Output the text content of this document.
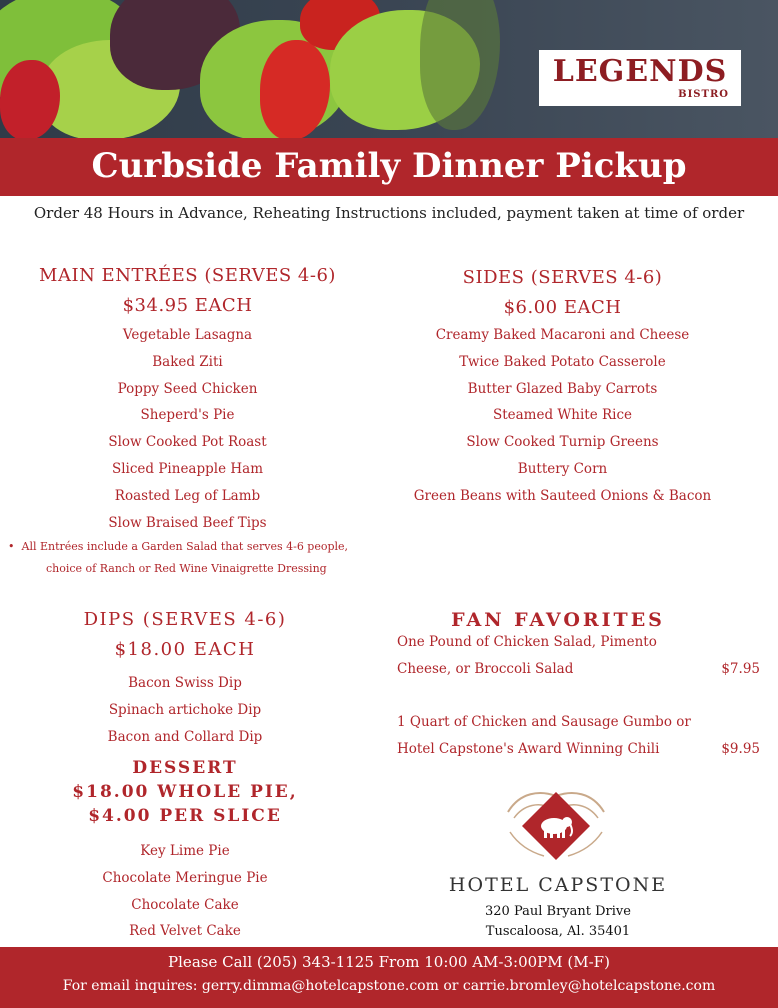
LEGENDS
BISTRO
Curbside Family Dinner Pickup
Order 48 Hours in Advance, Reheating Instructions included, payment taken at time of order
MAIN ENTRÉES (SERVES 4-6)
$34.95 EACH
Vegetable Lasagna
Baked Ziti
Poppy Seed Chicken
Sheperd's Pie
Slow Cooked Pot Roast
Sliced Pineapple Ham
Roasted Leg of Lamb
Slow Braised Beef Tips
• All Entrées include a Garden Salad that serves 4-6 people,
choice of Ranch or Red Wine Vinaigrette Dressing
SIDES (SERVES 4-6)
$6.00 EACH
Creamy Baked Macaroni and Cheese
Twice Baked Potato Casserole
Butter Glazed Baby Carrots
Steamed White Rice
Slow Cooked Turnip Greens
Buttery Corn
Green Beans with Sauteed Onions & Bacon
DIPS (SERVES 4-6)
$18.00 EACH
Bacon Swiss Dip
Spinach artichoke Dip
Bacon and Collard Dip
DESSERT
$18.00 WHOLE PIE,
$4.00 PER SLICE
Key Lime Pie
Chocolate Meringue Pie
Chocolate Cake
Red Velvet Cake
FAN FAVORITES
One Pound of Chicken Salad, Pimento
Cheese, or Broccoli Salad	$7.95
1 Quart of Chicken and Sausage Gumbo or
Hotel Capstone's Award Winning Chili	$9.95
HOTEL CAPSTONE
320 Paul Bryant Drive
Tuscaloosa, Al. 35401
Please Call (205) 343-1125 From 10:00 AM-3:00PM (M-F)
For email inquires: gerry.dimma@hotelcapstone.com or carrie.bromley@hotelcapstone.com
